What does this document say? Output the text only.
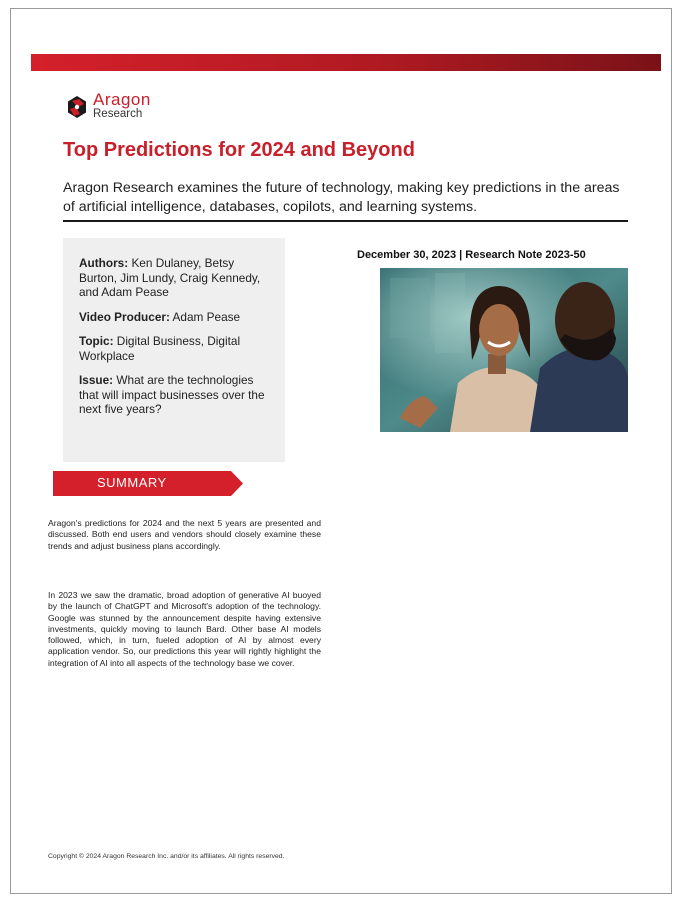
Aragon
Research
Top Predictions for 2024 and Beyond

Aragon Research examines the future of technology, making key predictions in the areas of artificial intelligence, databases, copilots, and learning systems.

Authors: Ken Dulaney, Betsy Burton, Jim Lundy, Craig Kennedy, and Adam Pease

Video Producer: Adam Pease

Topic: Digital Business, Digital Workplace

Issue: What are the technologies that will impact businesses over the next five years?

SUMMARY

Aragon's predictions for 2024 and the next 5 years are presented and discussed. Both end users and vendors should closely examine these trends and adjust business plans accordingly.

In 2023 we saw the dramatic, broad adoption of generative AI buoyed by the launch of ChatGPT and Microsoft's adoption of the technology. Google was stunned by the announcement despite having extensive investments, quickly moving to launch Bard. Other base AI models followed, which, in turn, fueled adoption of AI by almost every application vendor. So, our predictions this year will rightly highlight the integration of AI into all aspects of the technology base we cover.

December 30, 2023 | Research Note 2023-50
Copyright © 2024 Aragon Research Inc. and/or its affiliates. All rights reserved.
